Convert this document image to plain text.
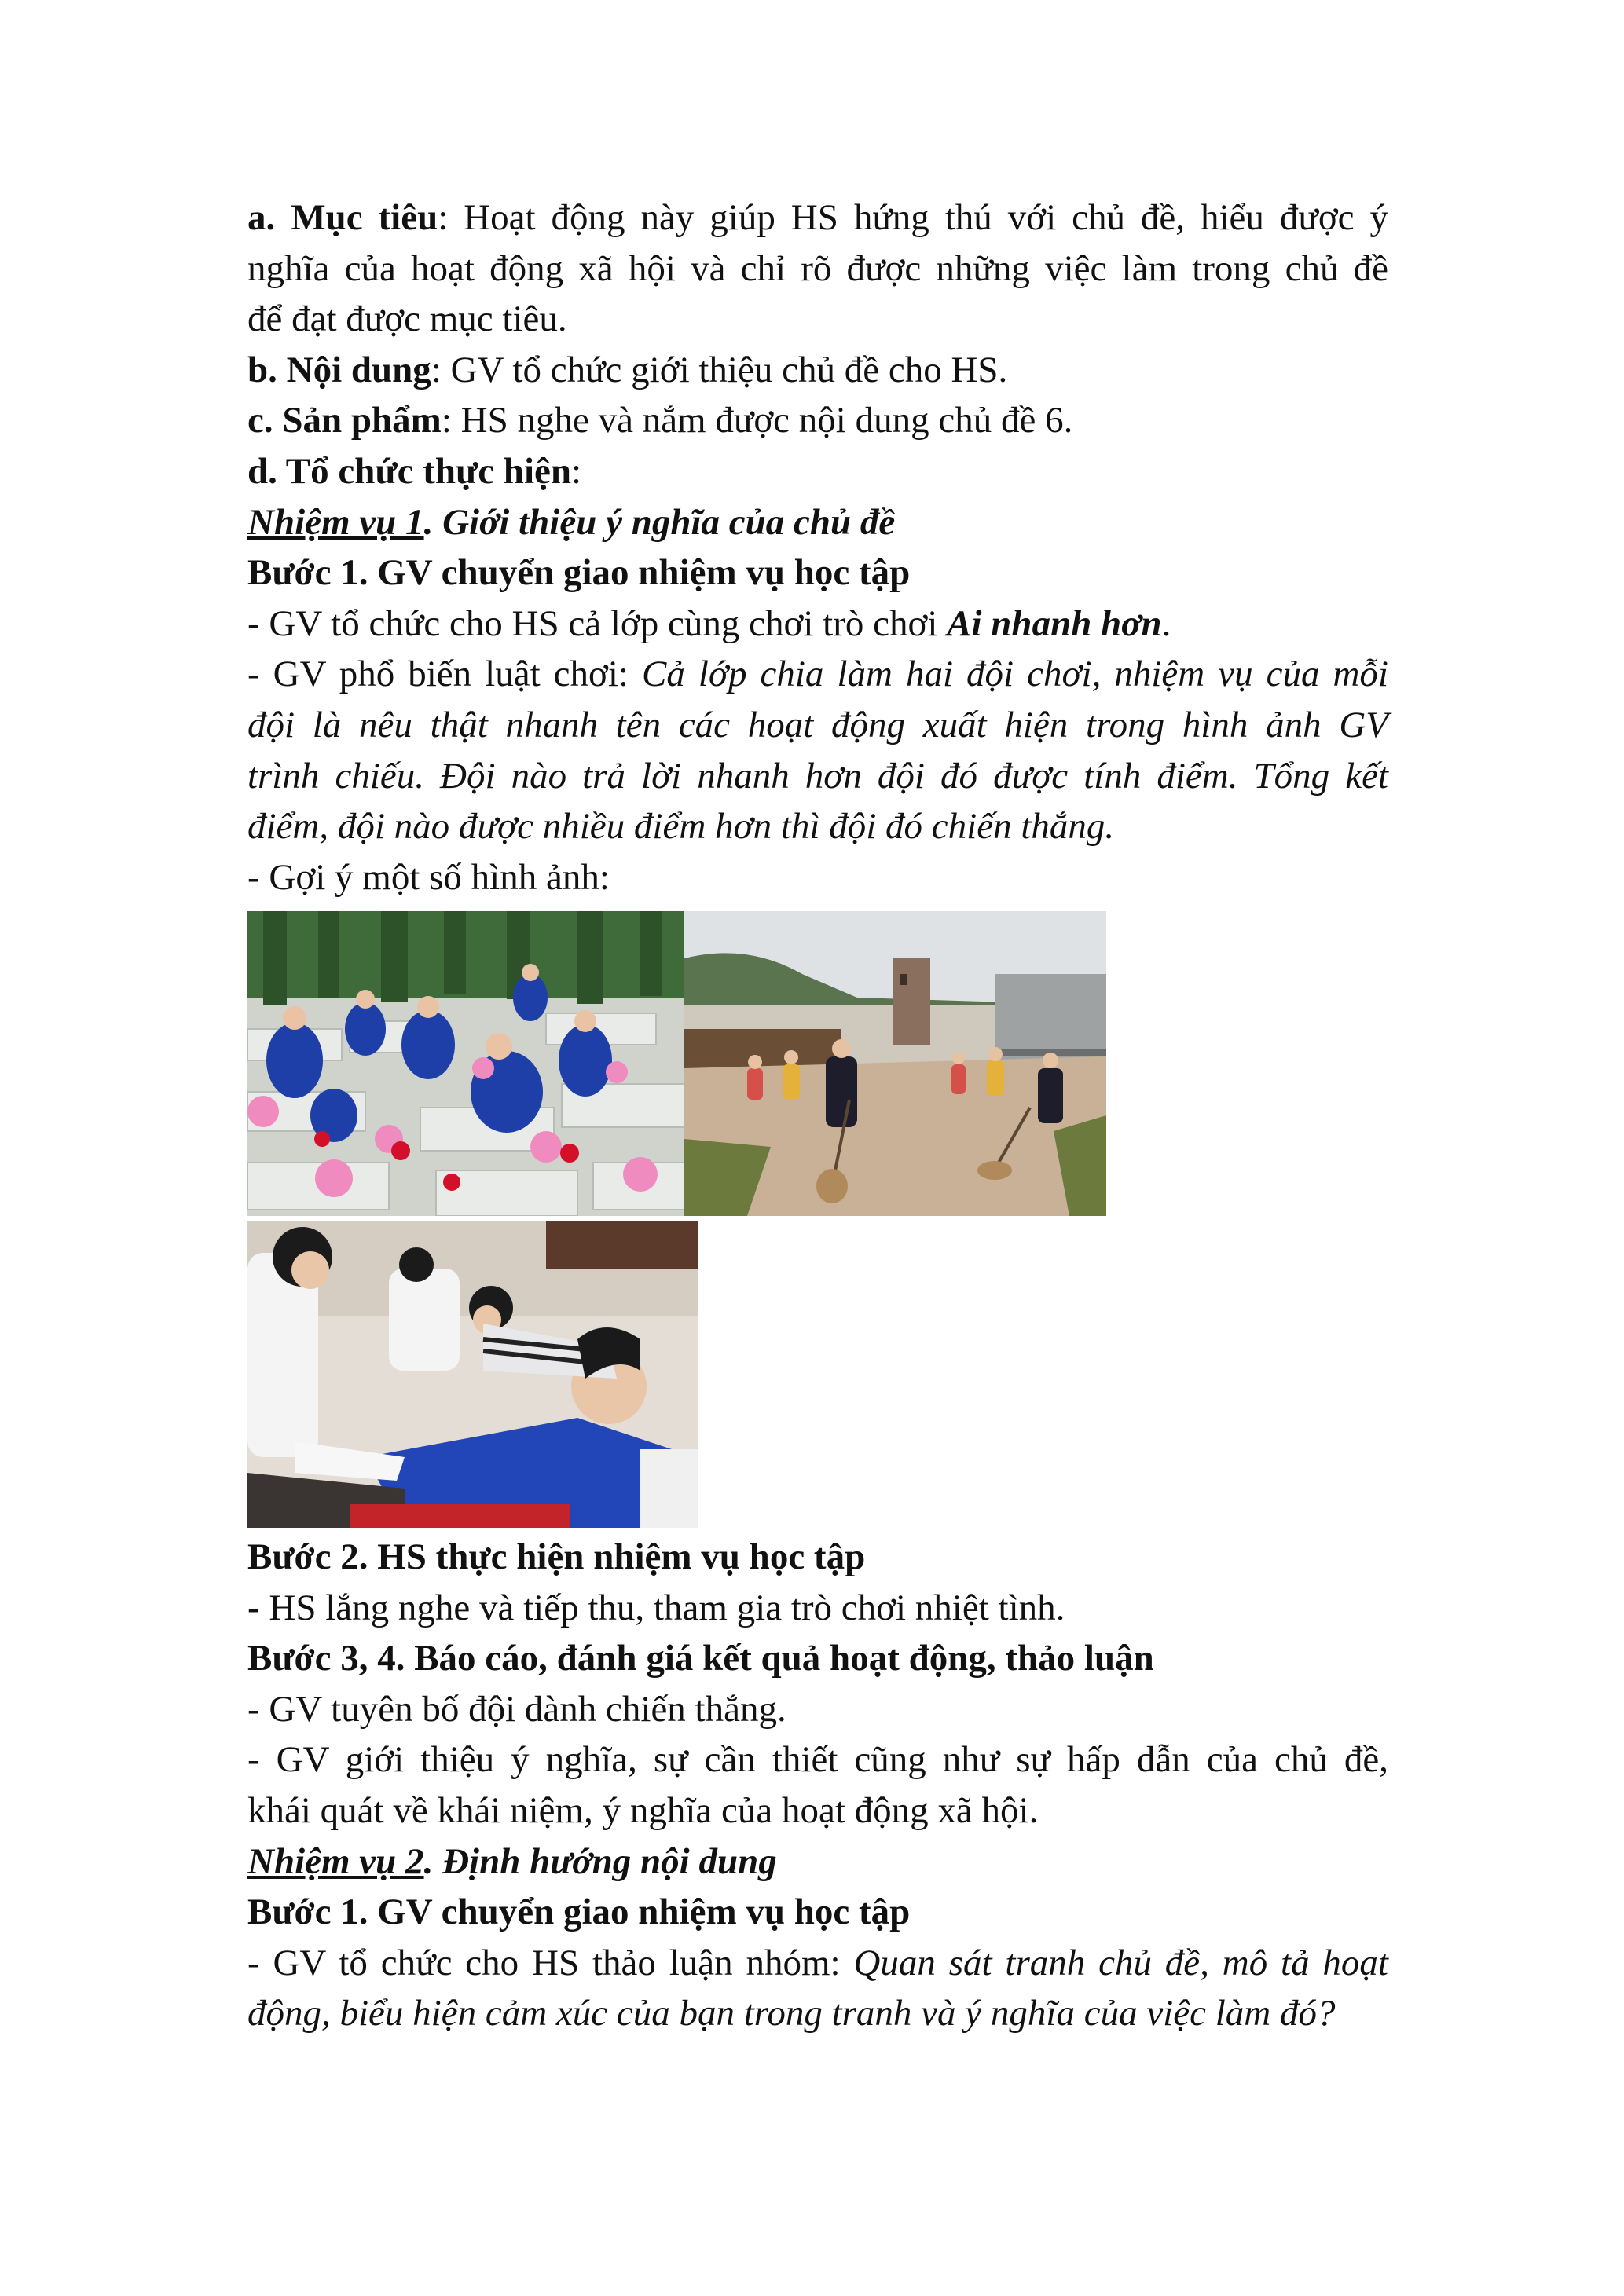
a. Mục tiêu: Hoạt động này giúp HS hứng thú với chủ đề, hiểu được ý

nghĩa của hoạt động xã hội và chỉ rõ được những việc làm trong chủ đề

để đạt được mục tiêu.

b. Nội dung: GV tổ chức giới thiệu chủ đề cho HS.

c. Sản phẩm: HS nghe và nắm được nội dung chủ đề 6.

d. Tổ chức thực hiện:

Nhiệm vụ 1. Giới thiệu ý nghĩa của chủ đề

Bước 1. GV chuyển giao nhiệm vụ học tập

- GV tổ chức cho HS cả lớp cùng chơi trò chơi Ai nhanh hơn.

- GV phổ biến luật chơi: Cả lớp chia làm hai đội chơi, nhiệm vụ của mỗi

đội là nêu thật nhanh tên các hoạt động xuất hiện trong hình ảnh GV

trình chiếu. Đội nào trả lời nhanh hơn đội đó được tính điểm. Tổng kết

điểm, đội nào được nhiều điểm hơn thì đội đó chiến thắng.

- Gợi ý một số hình ảnh:

Bước 2. HS thực hiện nhiệm vụ học tập

- HS lắng nghe và tiếp thu, tham gia trò chơi nhiệt tình.

Bước 3, 4. Báo cáo, đánh giá kết quả hoạt động, thảo luận

- GV tuyên bố đội dành chiến thắng.

- GV giới thiệu ý nghĩa, sự cần thiết cũng như sự hấp dẫn của chủ đề,

khái quát về khái niệm, ý nghĩa của hoạt động xã hội.

Nhiệm vụ 2. Định hướng nội dung

Bước 1. GV chuyển giao nhiệm vụ học tập

- GV tổ chức cho HS thảo luận nhóm: Quan sát tranh chủ đề, mô tả hoạt

động, biểu hiện cảm xúc của bạn trong tranh và ý nghĩa của việc làm đó?
